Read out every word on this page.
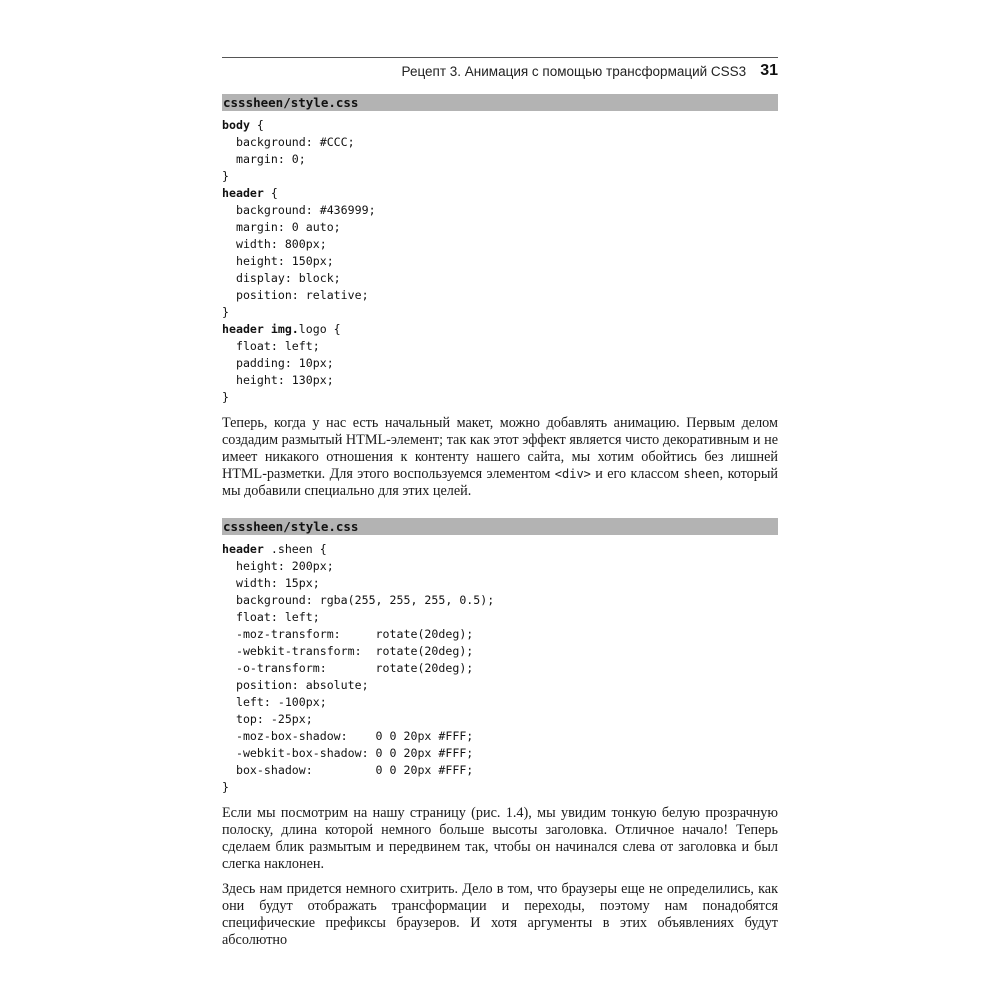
Рецепт 3. Анимация с помощью трансформаций CSS3 31
csssheen/style.css
body {
background: #CCC;
margin: 0;
}
header {
background: #436999;
margin: 0 auto;
width: 800px;
height: 150px;
display: block;
position: relative;
}
header img.logo {
float: left;
padding: 10px;
height: 130px;
}

Теперь, когда у нас есть начальный макет, можно добавлять анимацию. Первым делом создадим размытый HTML-элемент; так как этот эффект является чисто декоративным и не имеет никакого отношения к контенту нашего сайта, мы хотим обойтись без лишней HTML-разметки. Для этого воспользуемся элементом <div> и его классом sheen, который мы добавили специально для этих целей.

csssheen/style.css
header .sheen {
height: 200px;
width: 15px;
background: rgba(255, 255, 255, 0.5);
float: left;
-moz-transform:     rotate(20deg);
-webkit-transform:  rotate(20deg);
-o-transform:       rotate(20deg);
position: absolute;
left: -100px;
top: -25px;
-moz-box-shadow:    0 0 20px #FFF;
-webkit-box-shadow: 0 0 20px #FFF;
box-shadow:         0 0 20px #FFF;
}

Если мы посмотрим на нашу страницу (рис. 1.4), мы увидим тонкую белую прозрачную полоску, длина которой немного больше высоты заголовка. Отличное начало! Теперь сделаем блик размытым и передвинем так, чтобы он начинался слева от заголовка и был слегка наклонен.

Здесь нам придется немного схитрить. Дело в том, что браузеры еще не определились, как они будут отображать трансформации и переходы, поэтому нам понадобятся специфические префиксы браузеров. И хотя аргументы в этих объявлениях будут абсолютно
